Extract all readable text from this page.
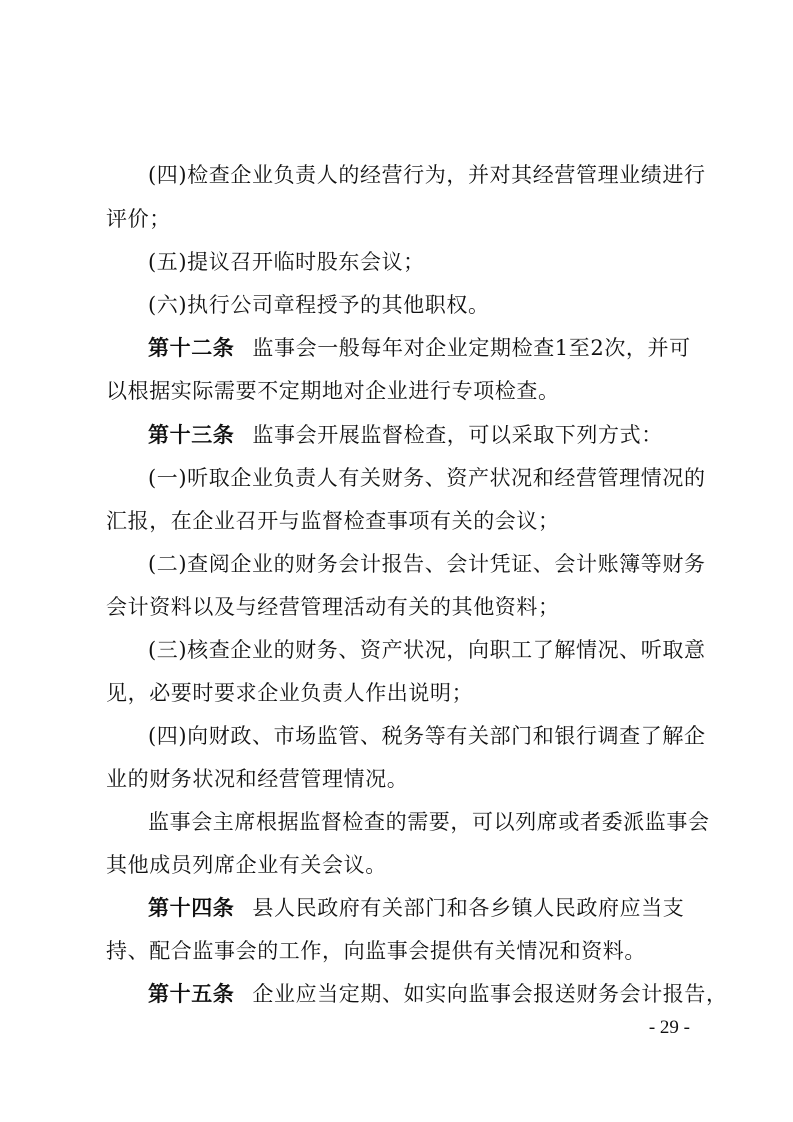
(四)检查企业负责人的经营行为，并对其经营管理业绩进行
评价；
(五)提议召开临时股东会议；
(六)执行公司章程授予的其他职权。
第十二条 监事会一般每年对企业定期检查1至2次，并可
以根据实际需要不定期地对企业进行专项检查。
第十三条 监事会开展监督检查，可以采取下列方式：
(一)听取企业负责人有关财务、资产状况和经营管理情况的
汇报，在企业召开与监督检查事项有关的会议；
(二)查阅企业的财务会计报告、会计凭证、会计账簿等财务
会计资料以及与经营管理活动有关的其他资料；
(三)核查企业的财务、资产状况，向职工了解情况、听取意
见，必要时要求企业负责人作出说明；
(四)向财政、市场监管、税务等有关部门和银行调查了解企
业的财务状况和经营管理情况。
监事会主席根据监督检查的需要，可以列席或者委派监事会
其他成员列席企业有关会议。
第十四条 县人民政府有关部门和各乡镇人民政府应当支
持、配合监事会的工作，向监事会提供有关情况和资料。
第十五条 企业应当定期、如实向监事会报送财务会计报告，
- 29 -
